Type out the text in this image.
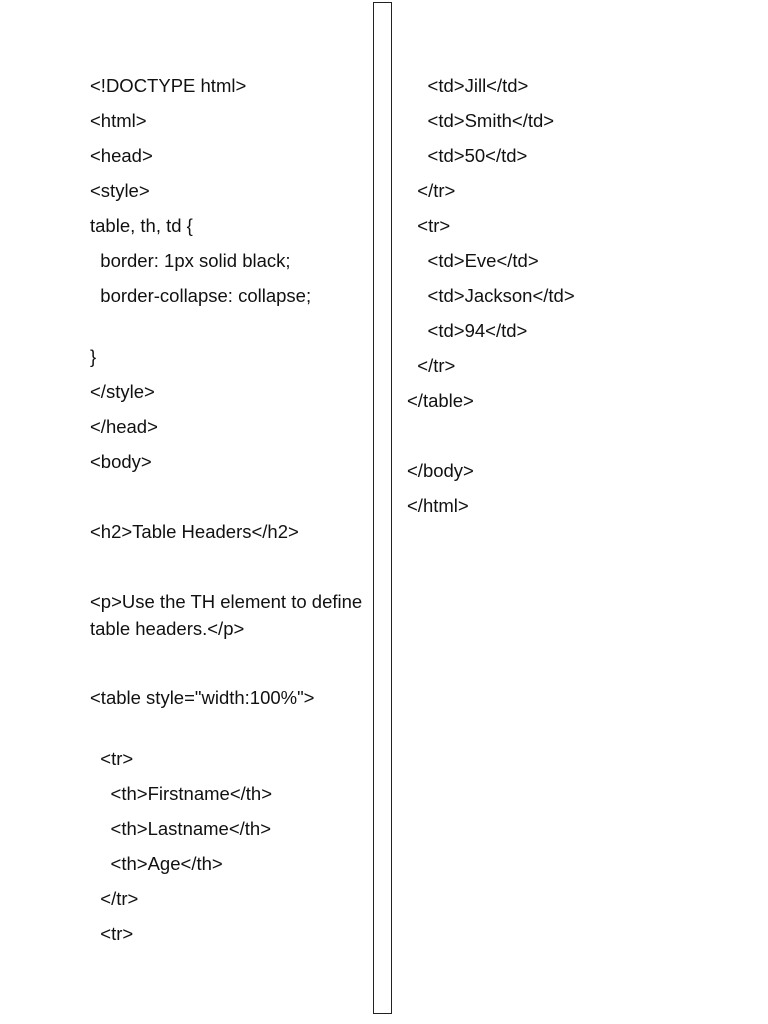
<!DOCTYPE html>
<html>
<head>
<style>
table, th, td {
border: 1px solid black;
border-collapse: collapse;
}
</style>
</head>
<body>
<h2>Table Headers</h2>
<p>Use the TH element to define table headers.</p>
<table style="width:100%">
<tr>
<th>Firstname</th>
<th>Lastname</th>
<th>Age</th>
</tr>
<tr>
<td>Jill</td>
<td>Smith</td>
<td>50</td>
</tr>
<tr>
<td>Eve</td>
<td>Jackson</td>
<td>94</td>
</tr>
</table>
</body>
</html>
